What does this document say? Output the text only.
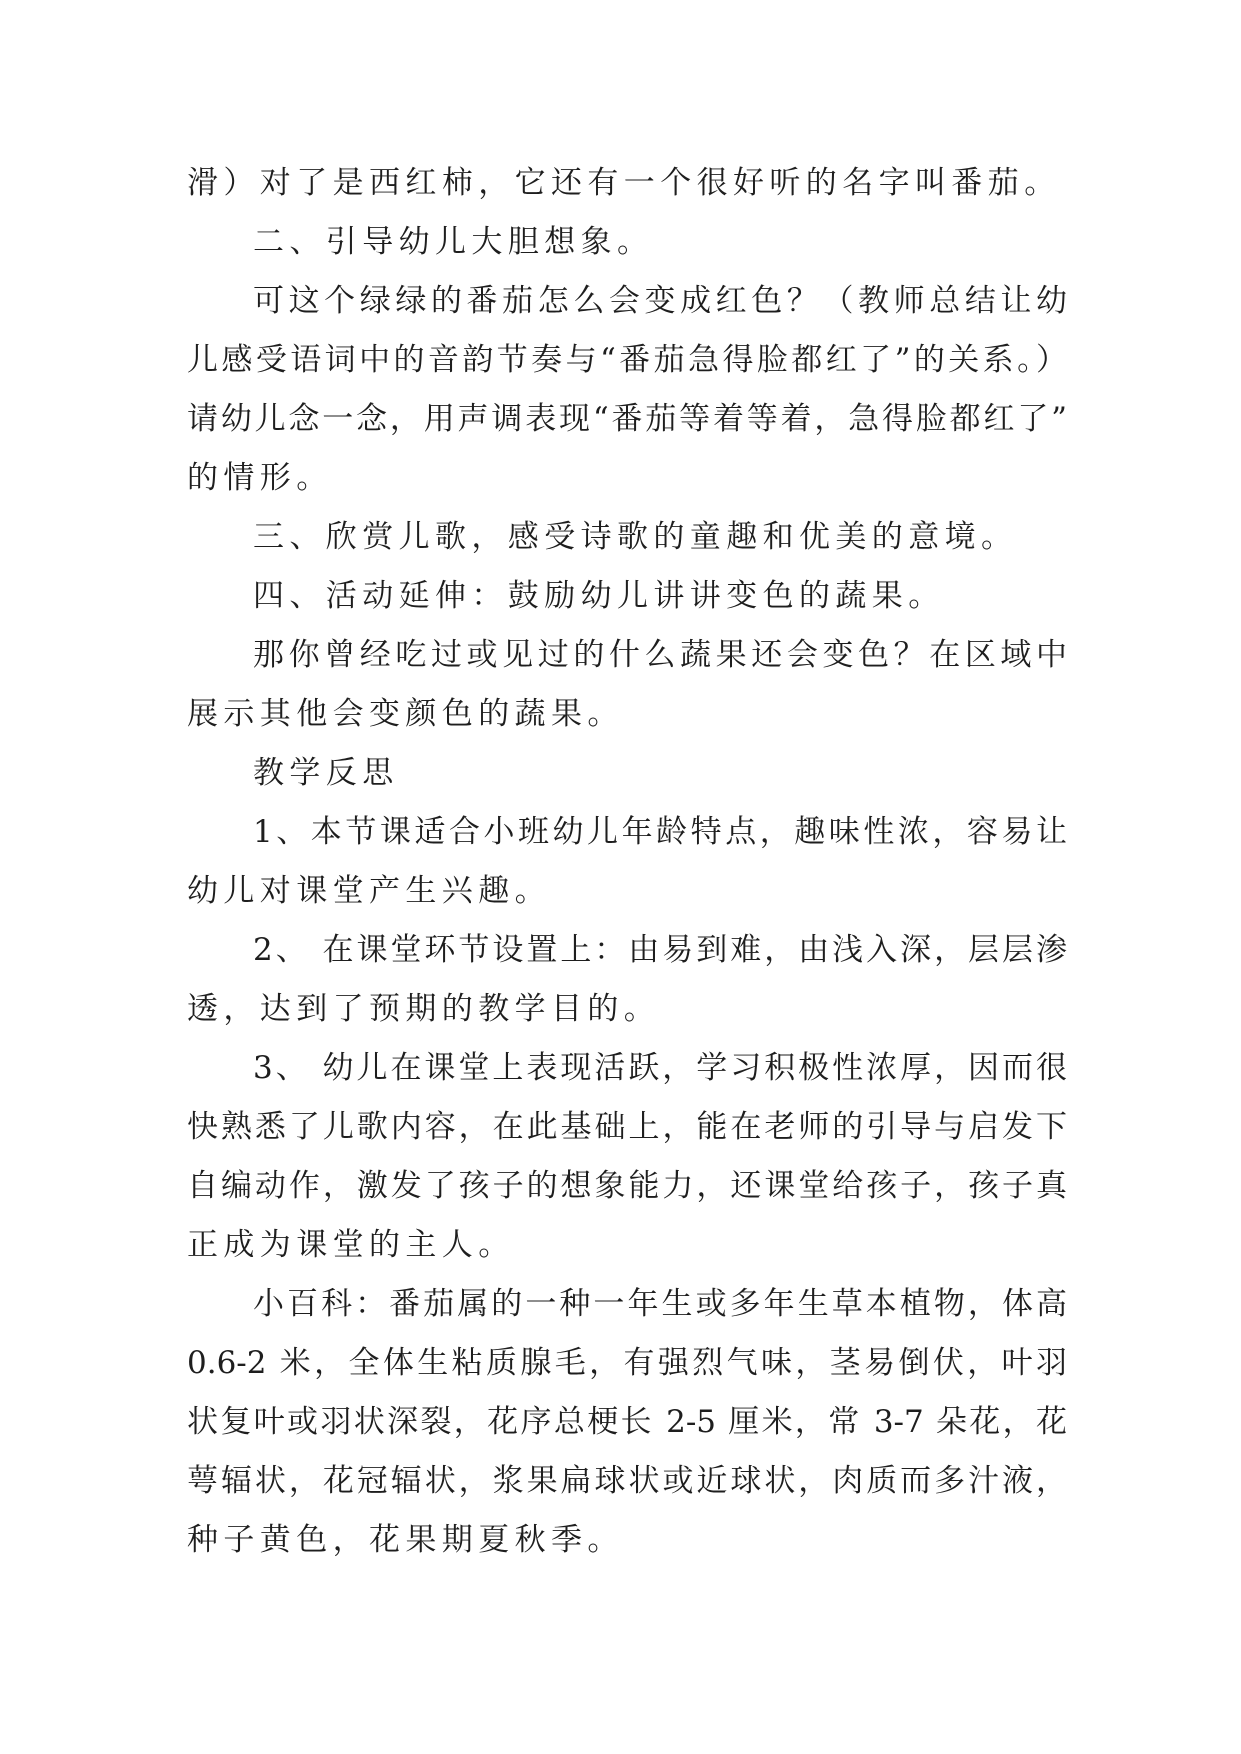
滑）对了是西红柿，它还有一个很好听的名字叫番茄。

二、引导幼儿大胆想象。

可这个绿绿的番茄怎么会变成红色？（教师总结让幼

儿感受语词中的音韵节奏与“番茄急得脸都红了”的关系。）

请幼儿念一念，用声调表现“番茄等着等着，急得脸都红了”

的情形。

三、欣赏儿歌，感受诗歌的童趣和优美的意境。

四、活动延伸：鼓励幼儿讲讲变色的蔬果。

那你曾经吃过或见过的什么蔬果还会变色？在区域中

展示其他会变颜色的蔬果。

教学反思

1、本节课适合小班幼儿年龄特点，趣味性浓，容易让

幼儿对课堂产生兴趣。

2、 在课堂环节设置上：由易到难，由浅入深，层层渗

透，达到了预期的教学目的。

3、 幼儿在课堂上表现活跃，学习积极性浓厚，因而很

快熟悉了儿歌内容，在此基础上，能在老师的引导与启发下

自编动作，激发了孩子的想象能力，还课堂给孩子，孩子真

正成为课堂的主人。

小百科：番茄属的一种一年生或多年生草本植物，体高

0.6-2 米，全体生粘质腺毛，有强烈气味，茎易倒伏，叶羽

状复叶或羽状深裂，花序总梗长 2-5 厘米，常 3-7 朵花，花

萼辐状，花冠辐状，浆果扁球状或近球状，肉质而多汁液，

种子黄色，花果期夏秋季。
